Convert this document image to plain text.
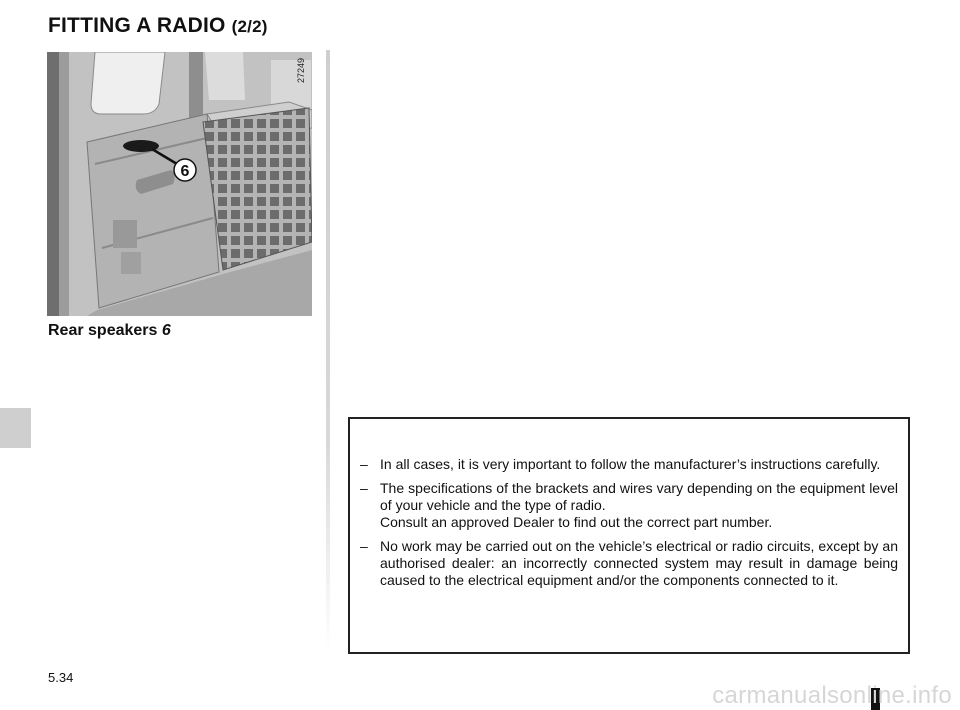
FITTING A RADIO (2/2)
6
27249
Rear speakers 6
– In all cases, it is very important to follow the manufacturer’s instructions carefully.
– The specifications of the brackets and wires vary depending on the equipment level of your vehicle and the type of radio.
Consult an approved Dealer to find out the correct part number.
– No work may be carried out on the vehicle’s electrical or radio circuits, except by an authorised dealer: an incorrectly connected system may result in damage being caused to the electrical equipment and/or the components connected to it.
5.34
carmanualsonline.info
